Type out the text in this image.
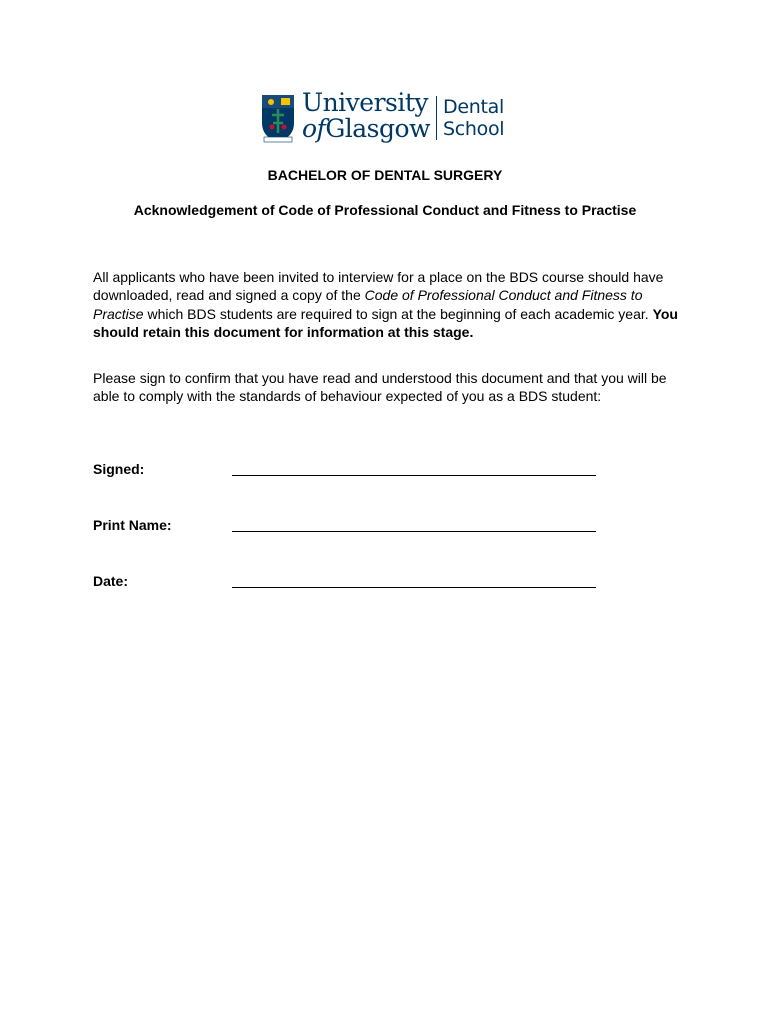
University
ofGlasgow
Dental
School
BACHELOR OF DENTAL SURGERY
Acknowledgement of Code of Professional Conduct and Fitness to Practise
All applicants who have been invited to interview for a place on the BDS course should have downloaded, read and signed a copy of the Code of Professional Conduct and Fitness to Practise which BDS students are required to sign at the beginning of each academic year. You should retain this document for information at this stage.
Please sign to confirm that you have read and understood this document and that you will be able to comply with the standards of behaviour expected of you as a BDS student:
Signed:
Print Name:
Date:
